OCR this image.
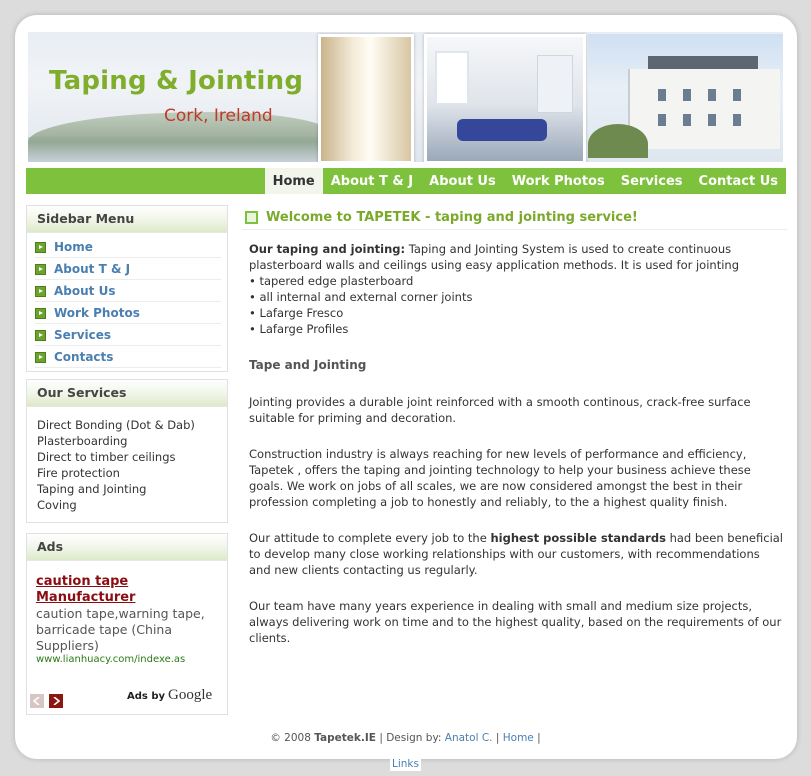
Taping & Jointing
Cork, Ireland
Home	About T & J	About Us	Work Photos	Services	Contact Us
Sidebar Menu
Home
About T & J
About Us
Work Photos
Services
Contacts
Our Services
Direct Bonding (Dot & Dab)
Plasterboarding
Direct to timber ceilings
Fire protection
Taping and Jointing
Coving
Ads
caution tape Manufacturer
caution tape,warning tape, barricade tape (China Suppliers)
www.lianhuacy.com/indexe.as
Ads by Google
Welcome to TAPETEK - taping and jointing service!

Our taping and jointing: Taping and Jointing System is used to create continuous plasterboard walls and ceilings using easy application methods. It is used for jointing

• tapered edge plasterboard
• all internal and external corner joints
• Lafarge Fresco
• Lafarge Profiles
Tape and Jointing

Jointing provides a durable joint reinforced with a smooth continous, crack-free surface suitable for priming and decoration.

Construction industry is always reaching for new levels of performance and efficiency, Tapetek , offers the taping and jointing technology to help your business achieve these goals. We work on jobs of all scales, we are now considered amongst the best in their profession completing a job to honestly and reliably, to the a highest quality finish.

Our attitude to complete every job to the highest possible standards had been beneficial to develop many close working relationships with our customers, with recommendations and new clients contacting us regularly.

Our team have many years experience in dealing with small and medium size projects, always delivering work on time and to the highest quality, based on the requirements of our clients.

© 2008 Tapetek.IE | Design by: Anatol C. | Home |
Links
